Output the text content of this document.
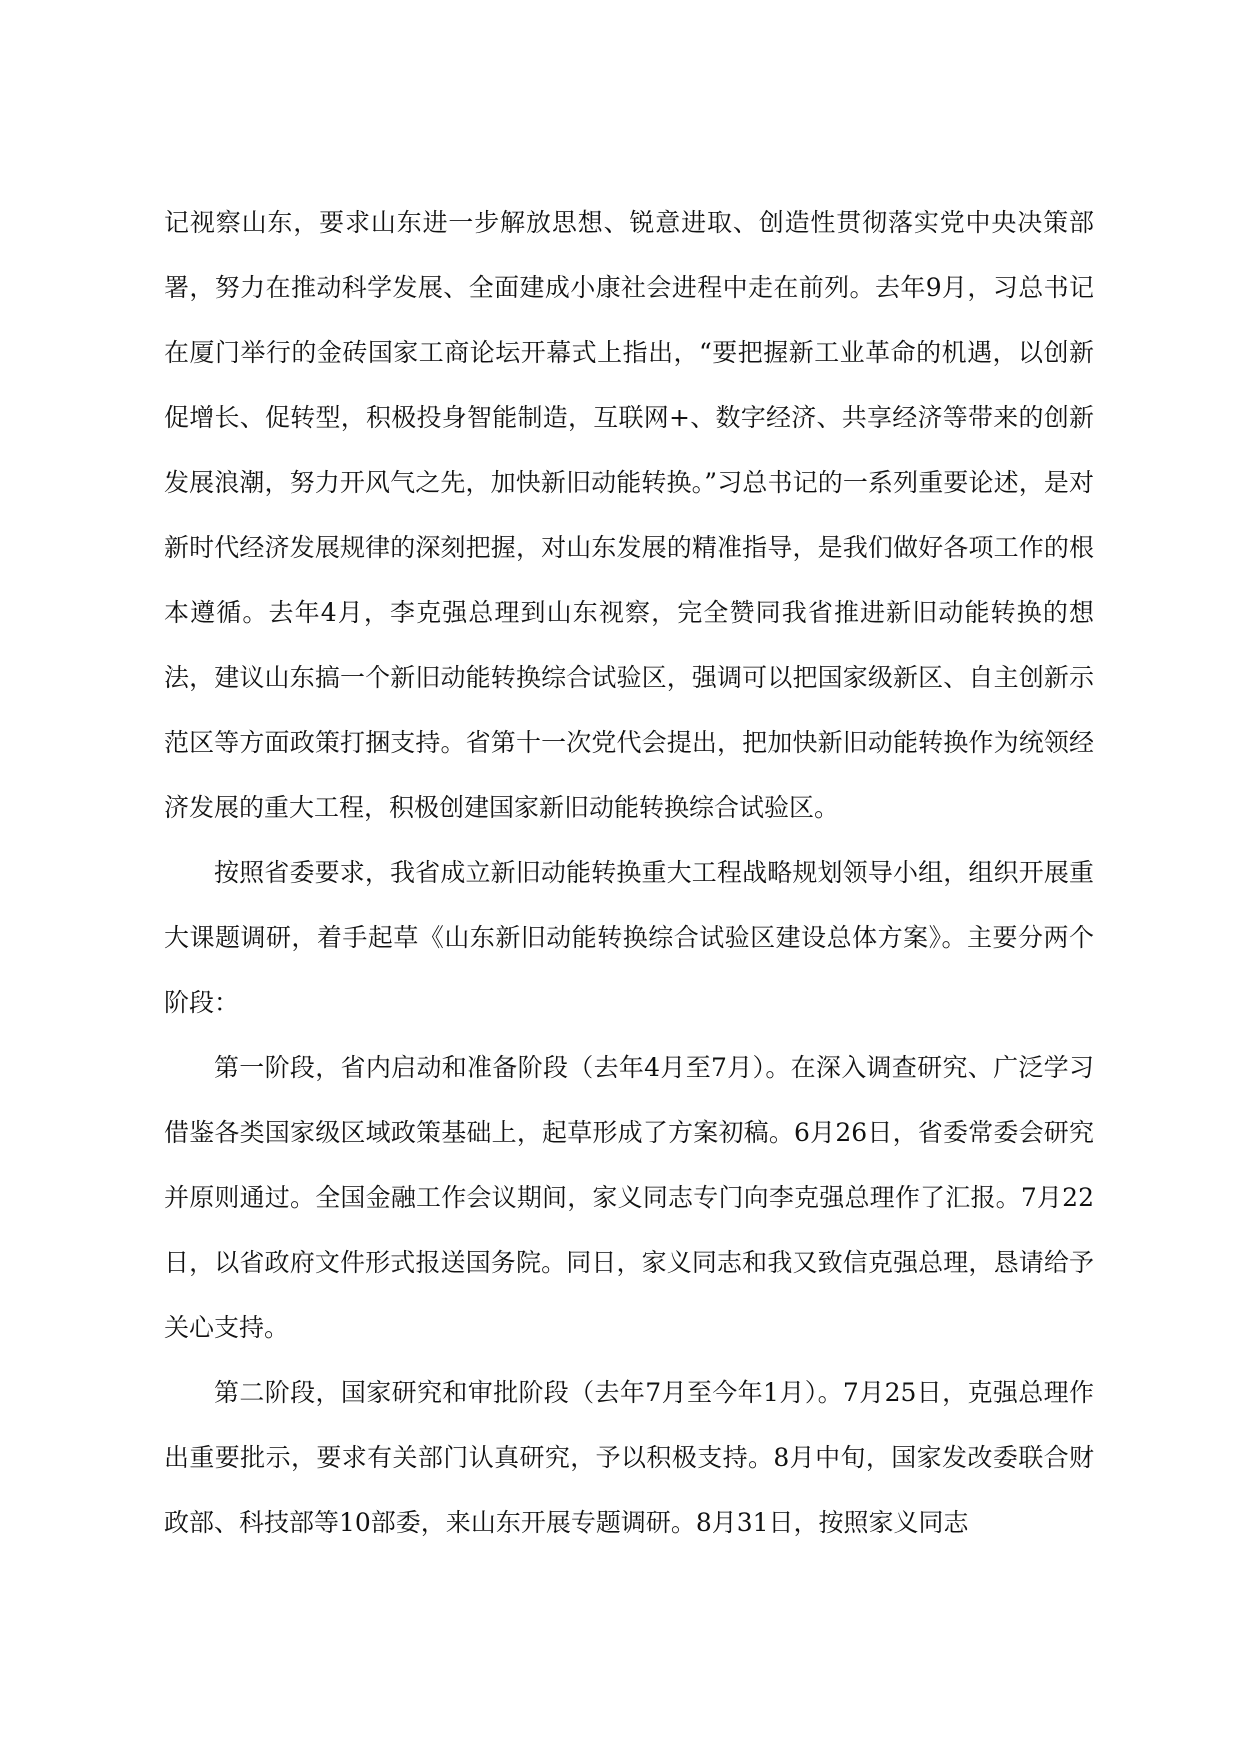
记视察山东，要求山东进一步解放思想、锐意进取、创造性贯彻落实党中央决策部署，努力在推动科学发展、全面建成小康社会进程中走在前列。去年9月，习总书记在厦门举行的金砖国家工商论坛开幕式上指出，“要把握新工业革命的机遇，以创新促增长、促转型，积极投身智能制造，互联网+、数字经济、共享经济等带来的创新发展浪潮，努力开风气之先，加快新旧动能转换。”习总书记的一系列重要论述，是对新时代经济发展规律的深刻把握，对山东发展的精准指导，是我们做好各项工作的根本遵循。去年4月，李克强总理到山东视察，完全赞同我省推进新旧动能转换的想法，建议山东搞一个新旧动能转换综合试验区，强调可以把国家级新区、自主创新示范区等方面政策打捆支持。省第十一次党代会提出，把加快新旧动能转换作为统领经济发展的重大工程，积极创建国家新旧动能转换综合试验区。

按照省委要求，我省成立新旧动能转换重大工程战略规划领导小组，组织开展重大课题调研，着手起草《山东新旧动能转换综合试验区建设总体方案》。主要分两个阶段：

第一阶段，省内启动和准备阶段（去年4月至7月）。在深入调查研究、广泛学习借鉴各类国家级区域政策基础上，起草形成了方案初稿。6月26日，省委常委会研究并原则通过。全国金融工作会议期间，家义同志专门向李克强总理作了汇报。7月22日，以省政府文件形式报送国务院。同日，家义同志和我又致信克强总理，恳请给予关心支持。

第二阶段，国家研究和审批阶段（去年7月至今年1月）。7月25日，克强总理作出重要批示，要求有关部门认真研究，予以积极支持。8月中旬，国家发改委联合财政部、科技部等10部委，来山东开展专题调研。8月31日，按照家义同志
